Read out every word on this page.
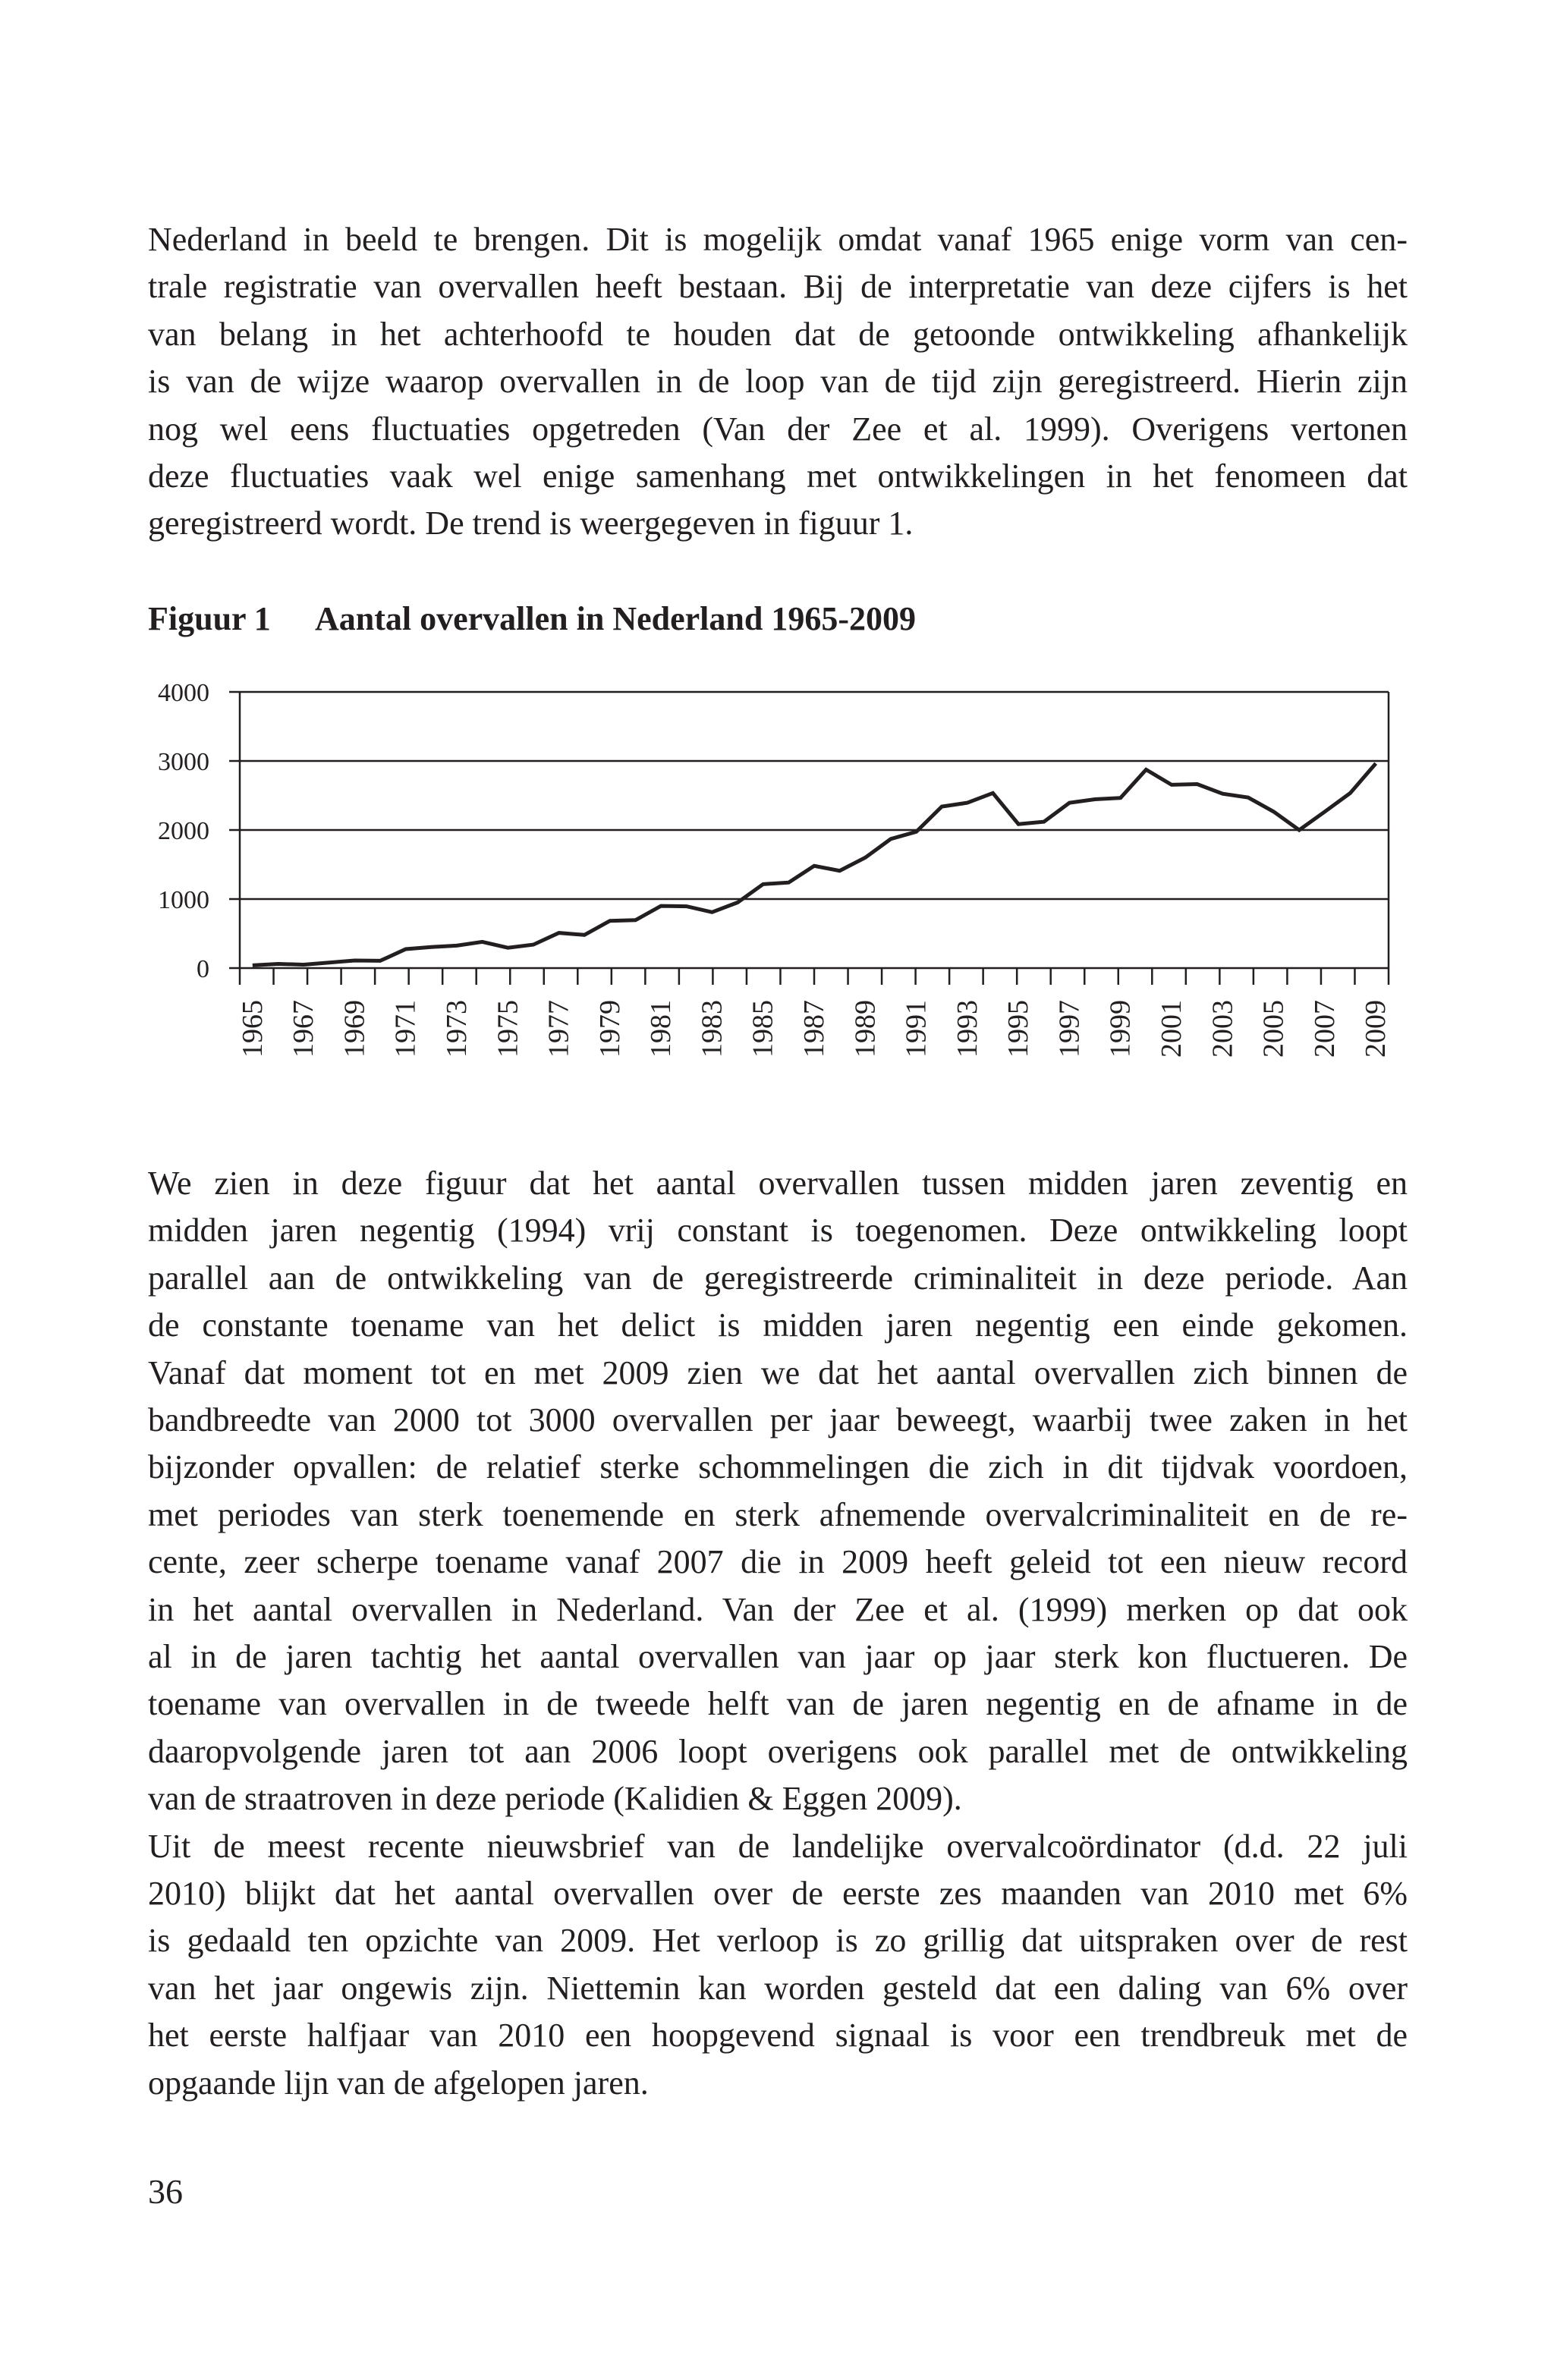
Nederland in beeld te brengen. Dit is mogelijk omdat vanaf 1965 enige vorm van cen-
trale registratie van overvallen heeft bestaan. Bij de interpretatie van deze cijfers is het
van belang in het achterhoofd te houden dat de getoonde ontwikkeling afhankelijk
is van de wijze waarop overvallen in de loop van de tijd zijn geregistreerd. Hierin zijn
nog wel eens fluctuaties opgetreden (Van der Zee et al. 1999). Overigens vertonen
deze fluctuaties vaak wel enige samenhang met ontwikkelingen in het fenomeen dat
geregistreerd wordt. De trend is weergegeven in figuur 1.
We zien in deze figuur dat het aantal overvallen tussen midden jaren zeventig en
midden jaren negentig (1994) vrij constant is toegenomen. Deze ontwikkeling loopt
parallel aan de ontwikkeling van de geregistreerde criminaliteit in deze periode. Aan
de constante toename van het delict is midden jaren negentig een einde gekomen.
Vanaf dat moment tot en met 2009 zien we dat het aantal overvallen zich binnen de
bandbreedte van 2000 tot 3000 overvallen per jaar beweegt, waarbij twee zaken in het
bijzonder opvallen: de relatief sterke schommelingen die zich in dit tijdvak voordoen,
met periodes van sterk toenemende en sterk afnemende overvalcriminaliteit en de re-
cente, zeer scherpe toename vanaf 2007 die in 2009 heeft geleid tot een nieuw record
in het aantal overvallen in Nederland. Van der Zee et al. (1999) merken op dat ook
al in de jaren tachtig het aantal overvallen van jaar op jaar sterk kon fluctueren. De
toename van overvallen in de tweede helft van de jaren negentig en de afname in de
daaropvolgende jaren tot aan 2006 loopt overigens ook parallel met de ontwikkeling
van de straatroven in deze periode (Kalidien & Eggen 2009).
Uit de meest recente nieuwsbrief van de landelijke overvalcoördinator (d.d. 22 juli
2010) blijkt dat het aantal overvallen over de eerste zes maanden van 2010 met 6%
is gedaald ten opzichte van 2009. Het verloop is zo grillig dat uitspraken over de rest
van het jaar ongewis zijn. Niettemin kan worden gesteld dat een daling van 6% over
het eerste halfjaar van 2010 een hoopgevend signaal is voor een trendbreuk met de
opgaande lijn van de afgelopen jaren.
Figuur 1 Aantal overvallen in Nederland 1965-2009
0
1000
2000
3000
4000
1965 1967 1969 1971 1973 1975 1977 1979 1981 1983 1985 1987 1989 1991 1993 1995 1997 1999 2001 2003 2005 2007 2009
36
